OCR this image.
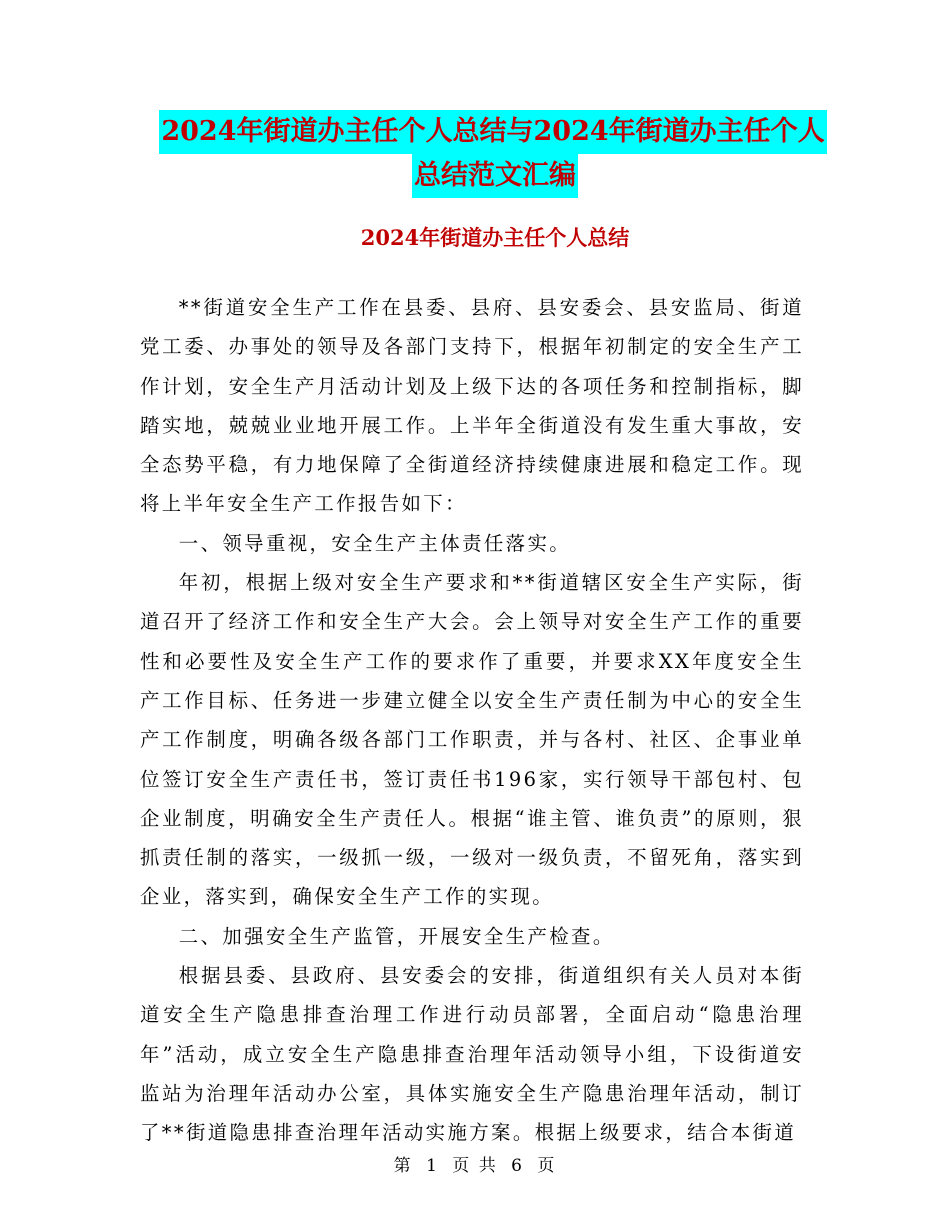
2024年街道办主任个人总结与2024年街道办主任个人
总结范文汇编
2024年街道办主任个人总结

**街道安全生产工作在县委、县府、县安委会、县安监局、街道党工委、办事处的领导及各部门支持下，根据年初制定的安全生产工作计划，安全生产月活动计划及上级下达的各项任务和控制指标，脚踏实地，兢兢业业地开展工作。上半年全街道没有发生重大事故，安全态势平稳，有力地保障了全街道经济持续健康进展和稳定工作。现将上半年安全生产工作报告如下：

一、领导重视，安全生产主体责任落实。

年初，根据上级对安全生产要求和**街道辖区安全生产实际，街道召开了经济工作和安全生产大会。会上领导对安全生产工作的重要性和必要性及安全生产工作的要求作了重要，并要求XX年度安全生产工作目标、任务进一步建立健全以安全生产责任制为中心的安全生产工作制度，明确各级各部门工作职责，并与各村、社区、企事业单位签订安全生产责任书，签订责任书196家，实行领导干部包村、包企业制度，明确安全生产责任人。根据“谁主管、谁负责”的原则，狠抓责任制的落实，一级抓一级，一级对一级负责，不留死角，落实到企业，落实到，确保安全生产工作的实现。

二、加强安全生产监管，开展安全生产检查。

根据县委、县政府、县安委会的安排，街道组织有关人员对本街道安全生产隐患排查治理工作进行动员部署，全面启动“隐患治理年”活动，成立安全生产隐患排查治理年活动领导小组，下设街道安监站为治理年活动办公室，具体实施安全生产隐患治理年活动，制订了**街道隐患排查治理年活动实施方案。根据上级要求，结合本街道

第 1 页 共 6 页
